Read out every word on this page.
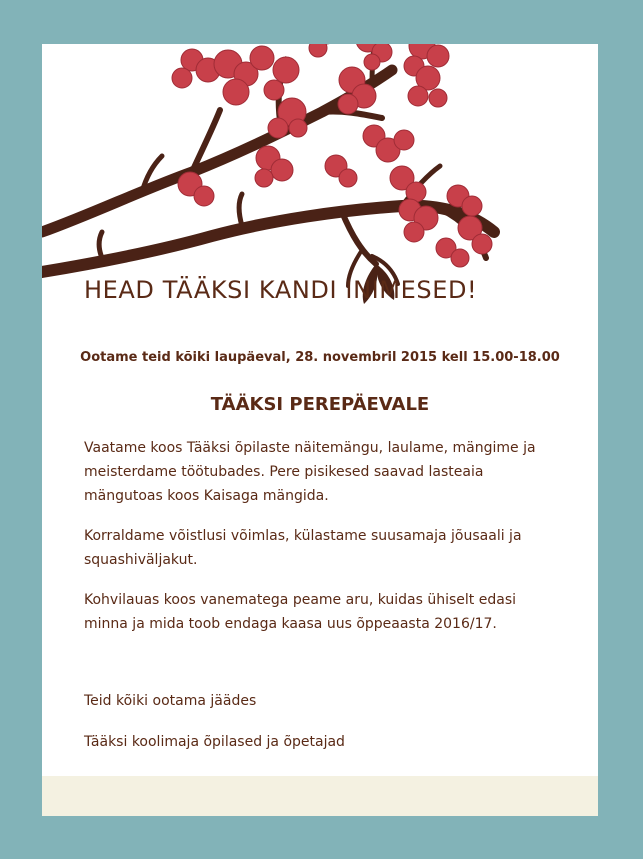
HEAD TÄÄKSI KANDI INIMESED!

Ootame teid kõiki laupäeval, 28. novembril 2015 kell 15.00-18.00

TÄÄKSI PEREPÄEVALE

Vaatame koos Tääksi õpilaste näitemängu, laulame, mängime ja meisterdame töötubades. Pere pisikesed saavad lasteaia mängutoas koos Kaisaga mängida.

Korraldame võistlusi võimlas, külastame suusamaja jõusaali ja squashiväljakut.

Kohvilauas koos vanematega peame aru, kuidas ühiselt edasi minna ja mida toob endaga kaasa uus õppeaasta 2016/17.

Teid kõiki ootama jäädes

Tääksi koolimaja õpilased ja õpetajad
